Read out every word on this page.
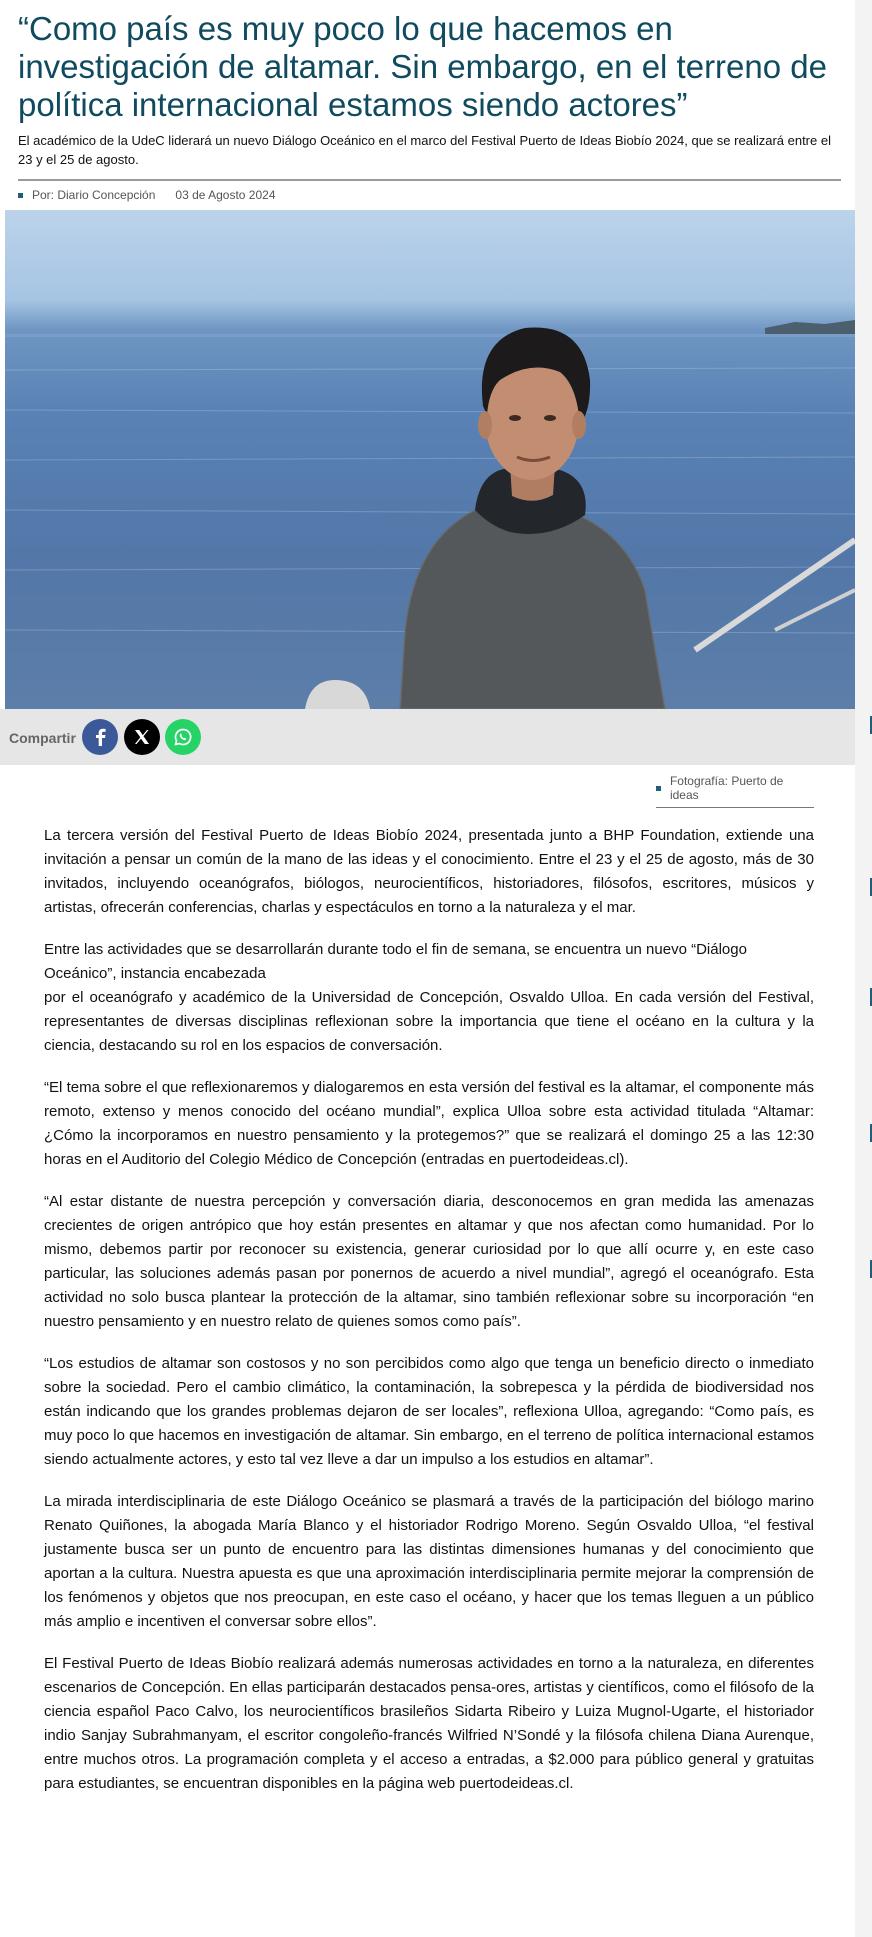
“Como país es muy poco lo que hacemos en investigación de altamar. Sin embargo, en el terreno de política internacional estamos siendo actores”

El académico de la UdeC liderará un nuevo Diálogo Oceánico en el marco del Festival Puerto de Ideas Biobío 2024, que se realizará entre el 23 y el 25 de agosto.

Por: Diario Concepción 03 de Agosto 2024
Compartir
Fotografía: Puerto de ideas

La tercera versión del Festival Puerto de Ideas Biobío 2024, presentada junto a BHP Foundation, extiende una invitación a pensar un común de la mano de las ideas y el conocimiento. Entre el 23 y el 25 de agosto, más de 30 invitados, incluyendo oceanógrafos, biólogos, neurocientíficos, historiadores, filósofos, escritores, músicos y artistas, ofrecerán conferencias, charlas y espectáculos en torno a la naturaleza y el mar.

Entre las actividades que se desarrollarán durante todo el fin de semana, se encuentra un nuevo “Diálogo Oceánico”, instancia encabezada

por el oceanógrafo y académico de la Universidad de Concepción, Osvaldo Ulloa. En cada versión del Festival, representantes de diversas disciplinas reflexionan sobre la importancia que tiene el océano en la cultura y la ciencia, destacando su rol en los espacios de conversación.

“El tema sobre el que reflexionaremos y dialogaremos en esta versión del festival es la altamar, el componente más remoto, extenso y menos conocido del océano mundial”, explica Ulloa sobre esta actividad titulada “Altamar: ¿Cómo la incorporamos en nuestro pensamiento y la protegemos?” que se realizará el domingo 25 a las 12:30 horas en el Auditorio del Colegio Médico de Concepción (entradas en puertodeideas.cl).

“Al estar distante de nuestra percepción y conversación diaria, desconocemos en gran medida las amenazas crecientes de origen antrópico que hoy están presentes en altamar y que nos afectan como humanidad. Por lo mismo, debemos partir por reconocer su existencia, generar curiosidad por lo que allí ocurre y, en este caso particular, las soluciones además pasan por ponernos de acuerdo a nivel mundial”, agregó el oceanógrafo. Esta actividad no solo busca plantear la protección de la altamar, sino también reflexionar sobre su incorporación “en nuestro pensamiento y en nuestro relato de quienes somos como país”.

“Los estudios de altamar son costosos y no son percibidos como algo que tenga un beneficio directo o inmediato sobre la sociedad. Pero el cambio climático, la contaminación, la sobrepesca y la pérdida de biodiversidad nos están indicando que los grandes problemas dejaron de ser locales”, reflexiona Ulloa, agregando: “Como país, es muy poco lo que hacemos en investigación de altamar. Sin embargo, en el terreno de política internacional estamos siendo actualmente actores, y esto tal vez lleve a dar un impulso a los estudios en altamar”.

La mirada interdisciplinaria de este Diálogo Oceánico se plasmará a través de la participación del biólogo marino Renato Quiñones, la abogada María Blanco y el historiador Rodrigo Moreno. Según Osvaldo Ulloa, “el festival justamente busca ser un punto de encuentro para las distintas dimensiones humanas y del conocimiento que aportan a la cultura. Nuestra apuesta es que una aproximación interdisciplinaria permite mejorar la comprensión de los fenómenos y objetos que nos preocupan, en este caso el océano, y hacer que los temas lleguen a un público más amplio e incentiven el conversar sobre ellos”.

El Festival Puerto de Ideas Biobío realizará además numerosas actividades en torno a la naturaleza, en diferentes escenarios de Concepción. En ellas participarán destacados pensa-ores, artistas y científicos, como el filósofo de la ciencia español Paco Calvo, los neurocientíficos brasileños Sidarta Ribeiro y Luiza Mugnol-Ugarte, el historiador indio Sanjay Subrahmanyam, el escritor congoleño-francés Wilfried N’Sondé y la filósofa chilena Diana Aurenque, entre muchos otros. La programación completa y el acceso a entradas, a $2.000 para público general y gratuitas para estudiantes, se encuentran disponibles en la página web puertodeideas.cl.
